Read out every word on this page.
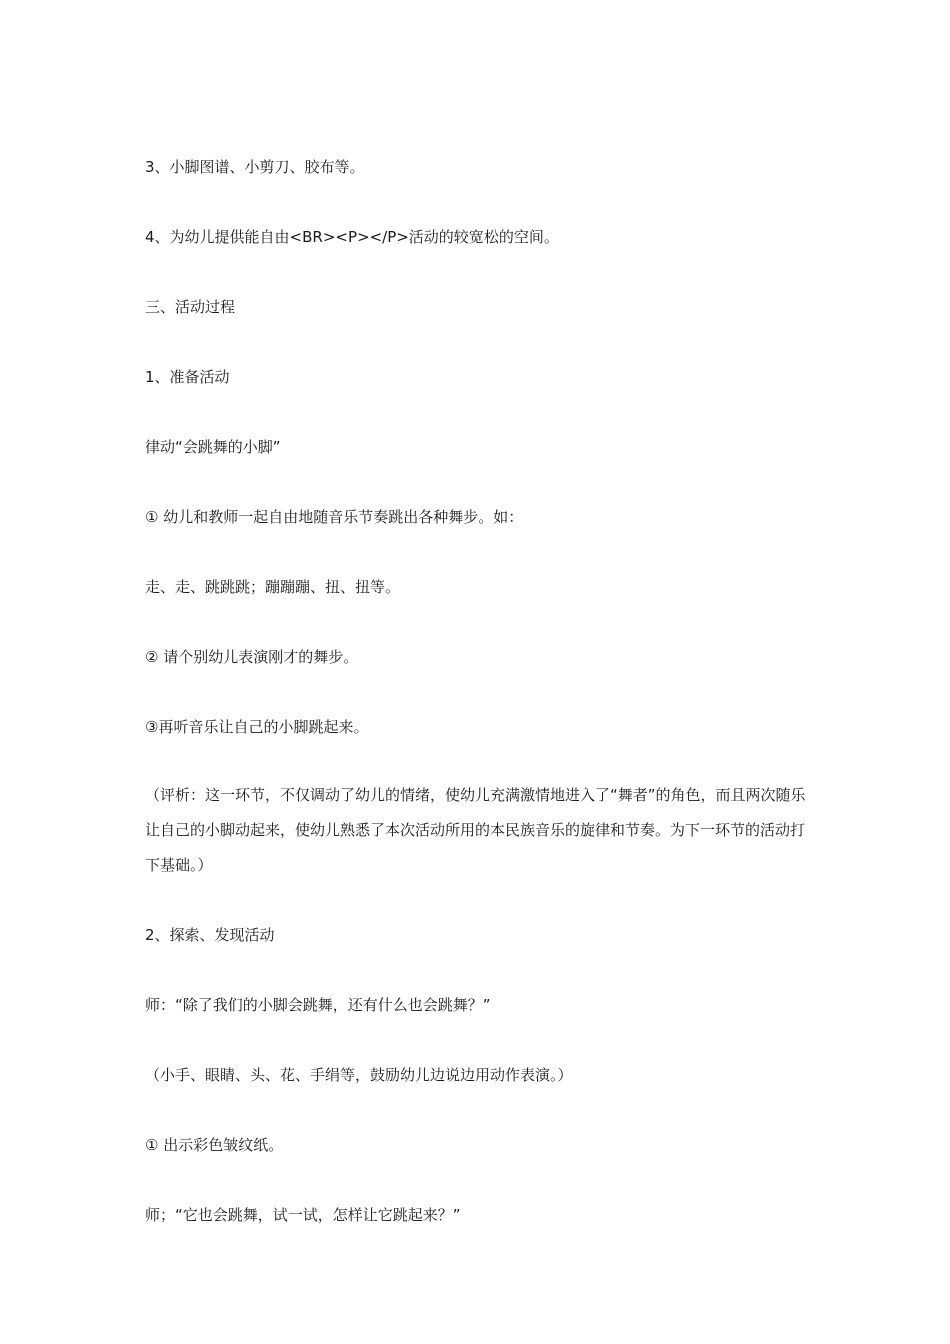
3、小脚图谱、小剪刀、胶布等。

4、为幼儿提供能自由<BR><P></P>活动的较宽松的空间。

三、活动过程

1、准备活动

律动“会跳舞的小脚”

① 幼儿和教师一起自由地随音乐节奏跳出各种舞步。如：

走、走、跳跳跳；蹦蹦蹦、扭、扭等。

② 请个别幼儿表演刚才的舞步。

③再听音乐让自己的小脚跳起来。

（评析：这一环节，不仅调动了幼儿的情绪，使幼儿充满激情地进入了“舞者”的角色，而且两次随乐让自己的小脚动起来，使幼儿熟悉了本次活动所用的本民族音乐的旋律和节奏。为下一环节的活动打下基础。）

2、探索、发现活动

师：“除了我们的小脚会跳舞，还有什么也会跳舞？”

（小手、眼睛、头、花、手绢等，鼓励幼儿边说边用动作表演。）

① 出示彩色皱纹纸。

师；“它也会跳舞，试一试，怎样让它跳起来？”
